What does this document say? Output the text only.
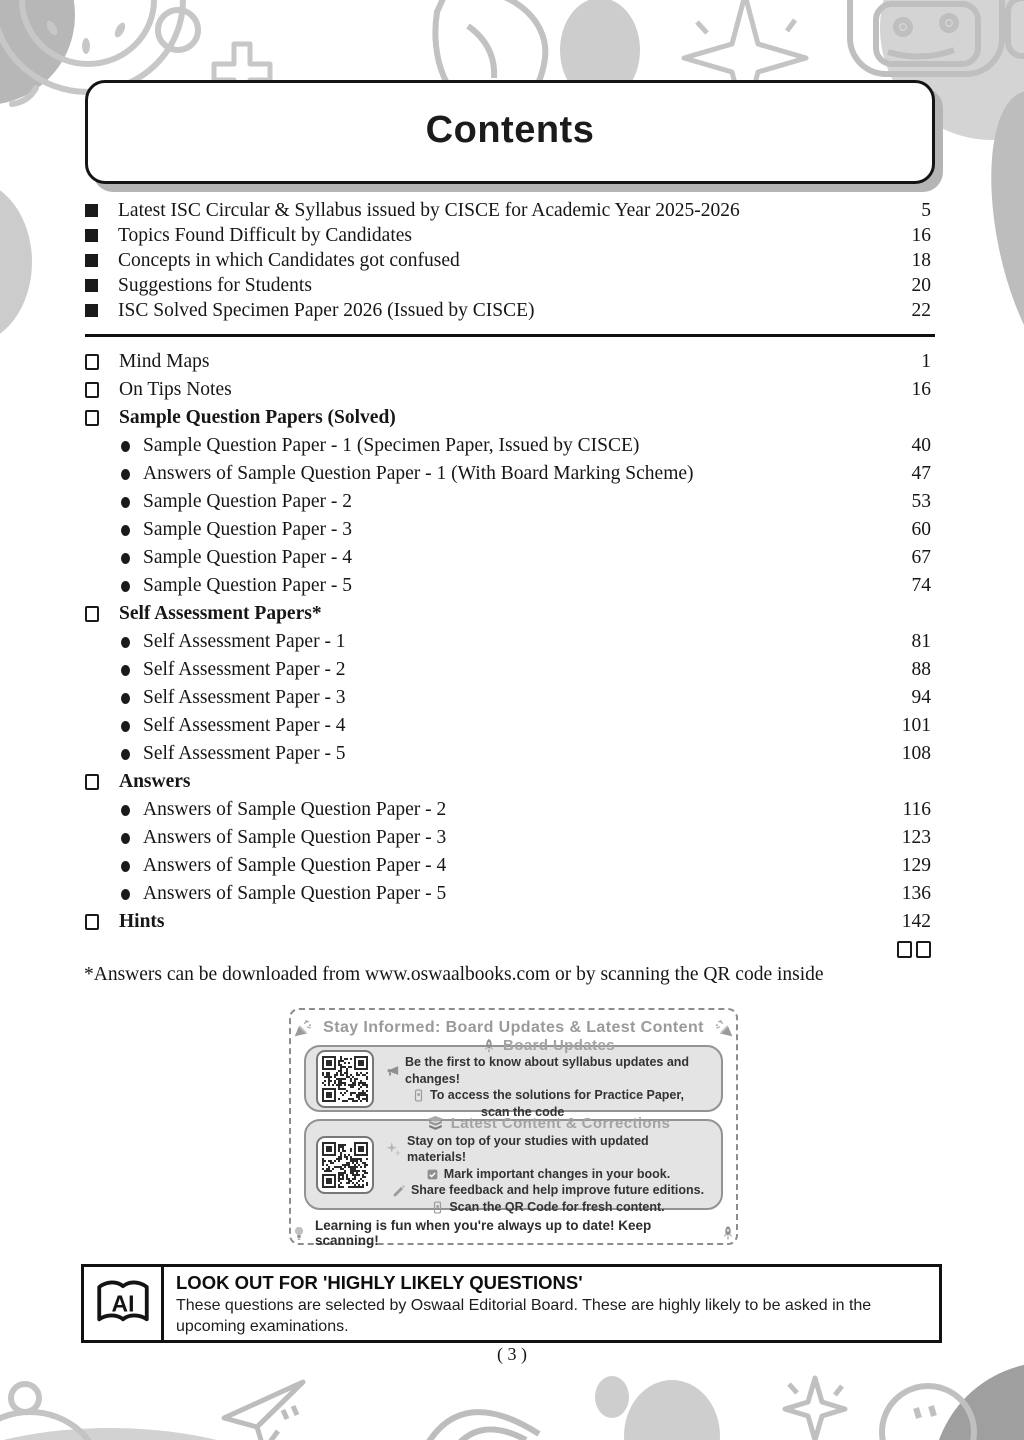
Contents
Latest ISC Circular & Syllabus issued by CISCE for Academic Year 2025-2026	5
Topics Found Difficult by Candidates	16
Concepts in which Candidates got confused	18
Suggestions for Students	20
ISC Solved Specimen Paper 2026 (Issued by CISCE)	22
Mind Maps	1
On Tips Notes	16
Sample Question Papers (Solved)
Sample Question Paper - 1 (Specimen Paper, Issued by CISCE)	40
Answers of Sample Question Paper - 1 (With Board Marking Scheme)	47
Sample Question Paper - 2	53
Sample Question Paper - 3	60
Sample Question Paper - 4	67
Sample Question Paper - 5	74
Self Assessment Papers*
Self Assessment Paper - 1	81
Self Assessment Paper - 2	88
Self Assessment Paper - 3	94
Self Assessment Paper - 4	101
Self Assessment Paper - 5	108
Answers
Answers of Sample Question Paper - 2	116
Answers of Sample Question Paper - 3	123
Answers of Sample Question Paper - 4	129
Answers of Sample Question Paper - 5	136
Hints	142
*Answers can be downloaded from www.oswaalbooks.com or by scanning the QR code inside
Stay Informed: Board Updates & Latest Content
Board Updates
Be the first to know about syllabus updates and changes!
To access the solutions for Practice Paper,
scan the code
Latest Content & Corrections
Stay on top of your studies with updated materials!
Mark important changes in your book.
Share feedback and help improve future editions.
Scan the QR Code for fresh content.
Learning is fun when you're always up to date! Keep scanning!
AI
LOOK OUT FOR 'HIGHLY LIKELY QUESTIONS'
These questions are selected by Oswaal Editorial Board. These are highly likely to be asked in the upcoming examinations.
( 3 )
